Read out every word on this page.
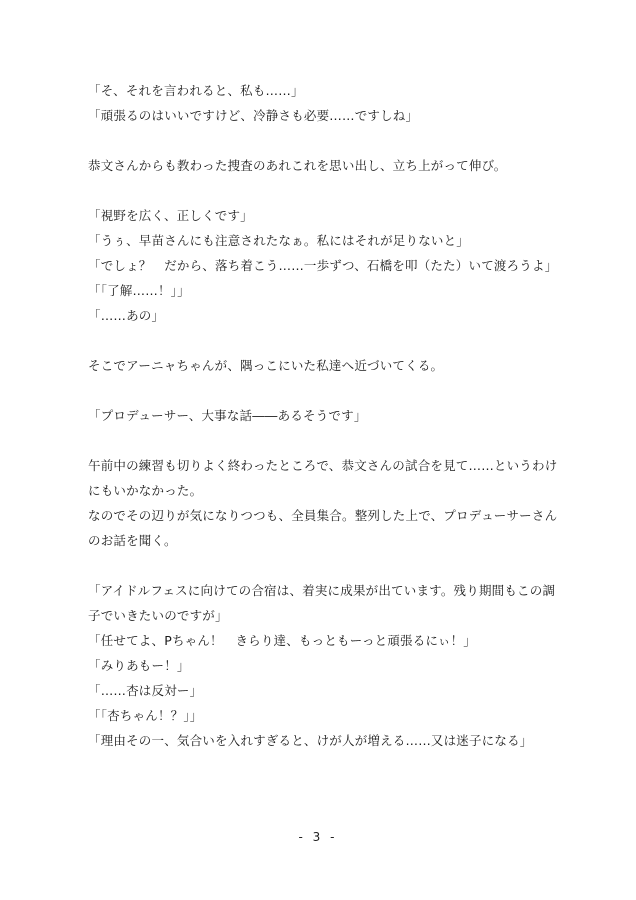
「そ、それを言われると、私も……」
「頑張るのはいいですけど、冷静さも必要……ですしね」
恭文さんからも教わった捜査のあれこれを思い出し、立ち上がって伸び。
「視野を広く、正しくです」
「うぅ、早苗さんにも注意されたなぁ。私にはそれが足りないと」
「でしょ？　だから、落ち着こう……一歩ずつ、石橋を叩（たた）いて渡ろうよ」
「「了解……！」」
「……あの」
そこでアーニャちゃんが、隅っこにいた私達へ近づいてくる。
「プロデューサー、大事な話――あるそうです」
午前中の練習も切りよく終わったところで、恭文さんの試合を見て……というわけにもいかなかった。
なのでその辺りが気になりつつも、全員集合。整列した上で、プロデューサーさんのお話を聞く。
「アイドルフェスに向けての合宿は、着実に成果が出ています。残り期間もこの調子でいきたいのですが」
「任せてよ、Pちゃん！　きらり達、もっともーっと頑張るにぃ！」
「みりあもー！」
「……杏は反対ー」
「「杏ちゃん！？」」
「理由その一、気合いを入れすぎると、けが人が増える……又は迷子になる」
- 3 -
